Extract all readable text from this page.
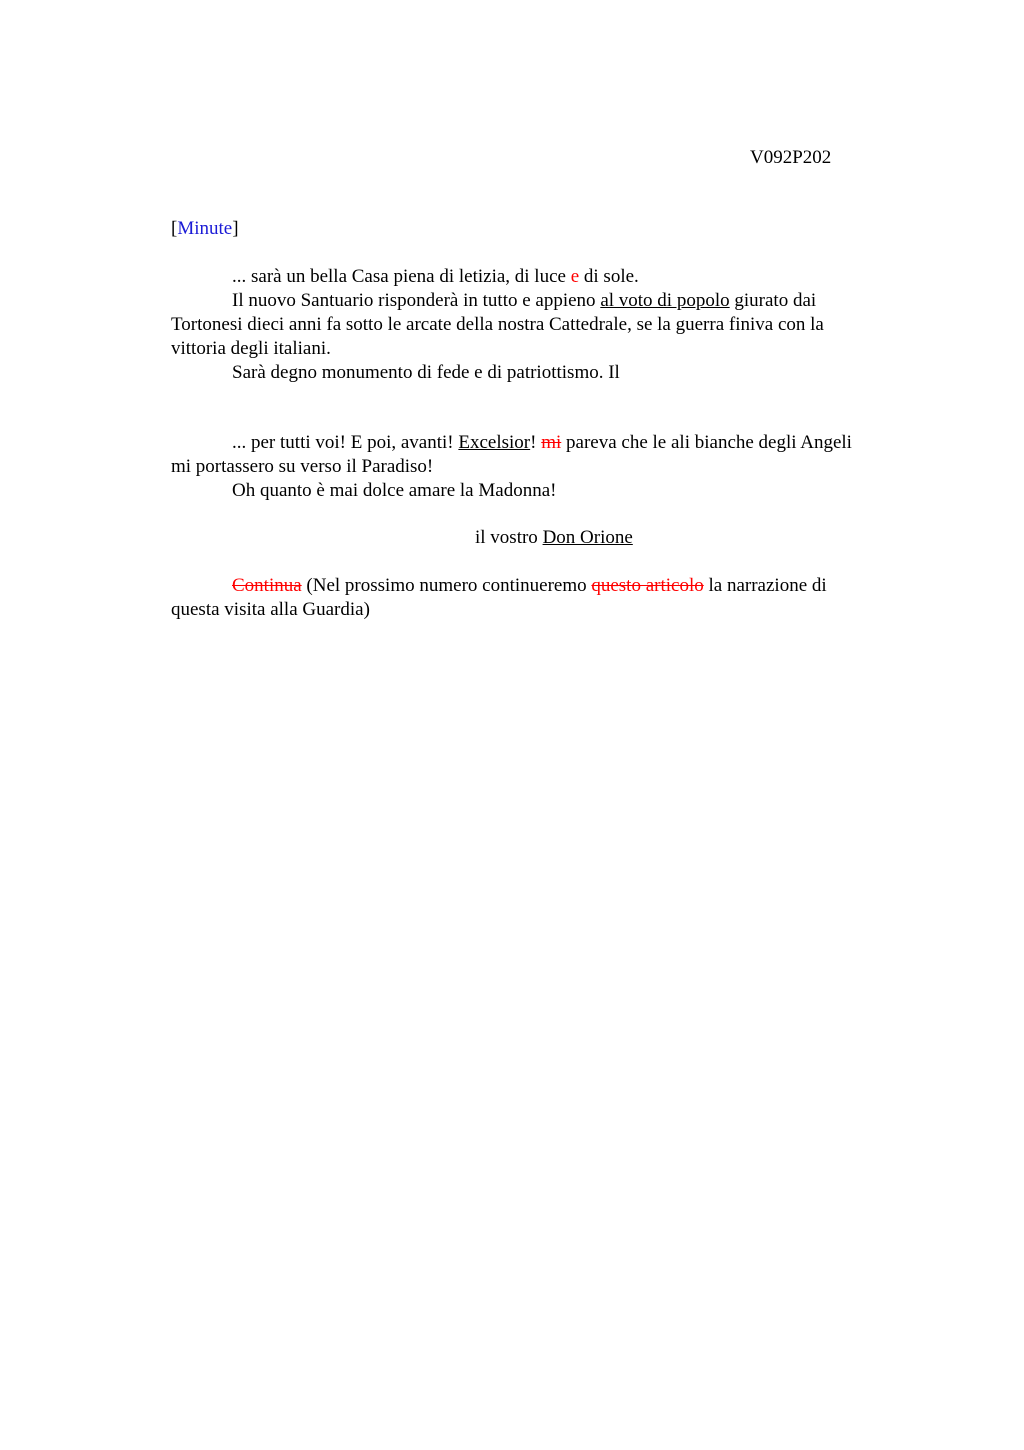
V092P202
[Minute]
... sarà un bella Casa piena di letizia, di luce e di sole.
Il nuovo Santuario risponderà in tutto e appieno al voto di popolo giurato dai
Tortonesi dieci anni fa sotto le arcate della nostra Cattedrale, se la guerra finiva con la
vittoria degli italiani.
Sarà degno monumento di fede e di patriottismo. Il
... per tutti voi! E poi, avanti! Excelsior! mi pareva che le ali bianche degli Angeli
mi portassero su verso il Paradiso!
Oh quanto è mai dolce amare la Madonna!
il vostro Don Orione
Continua (Nel prossimo numero continueremo questo articolo la narrazione di
questa visita alla Guardia)
